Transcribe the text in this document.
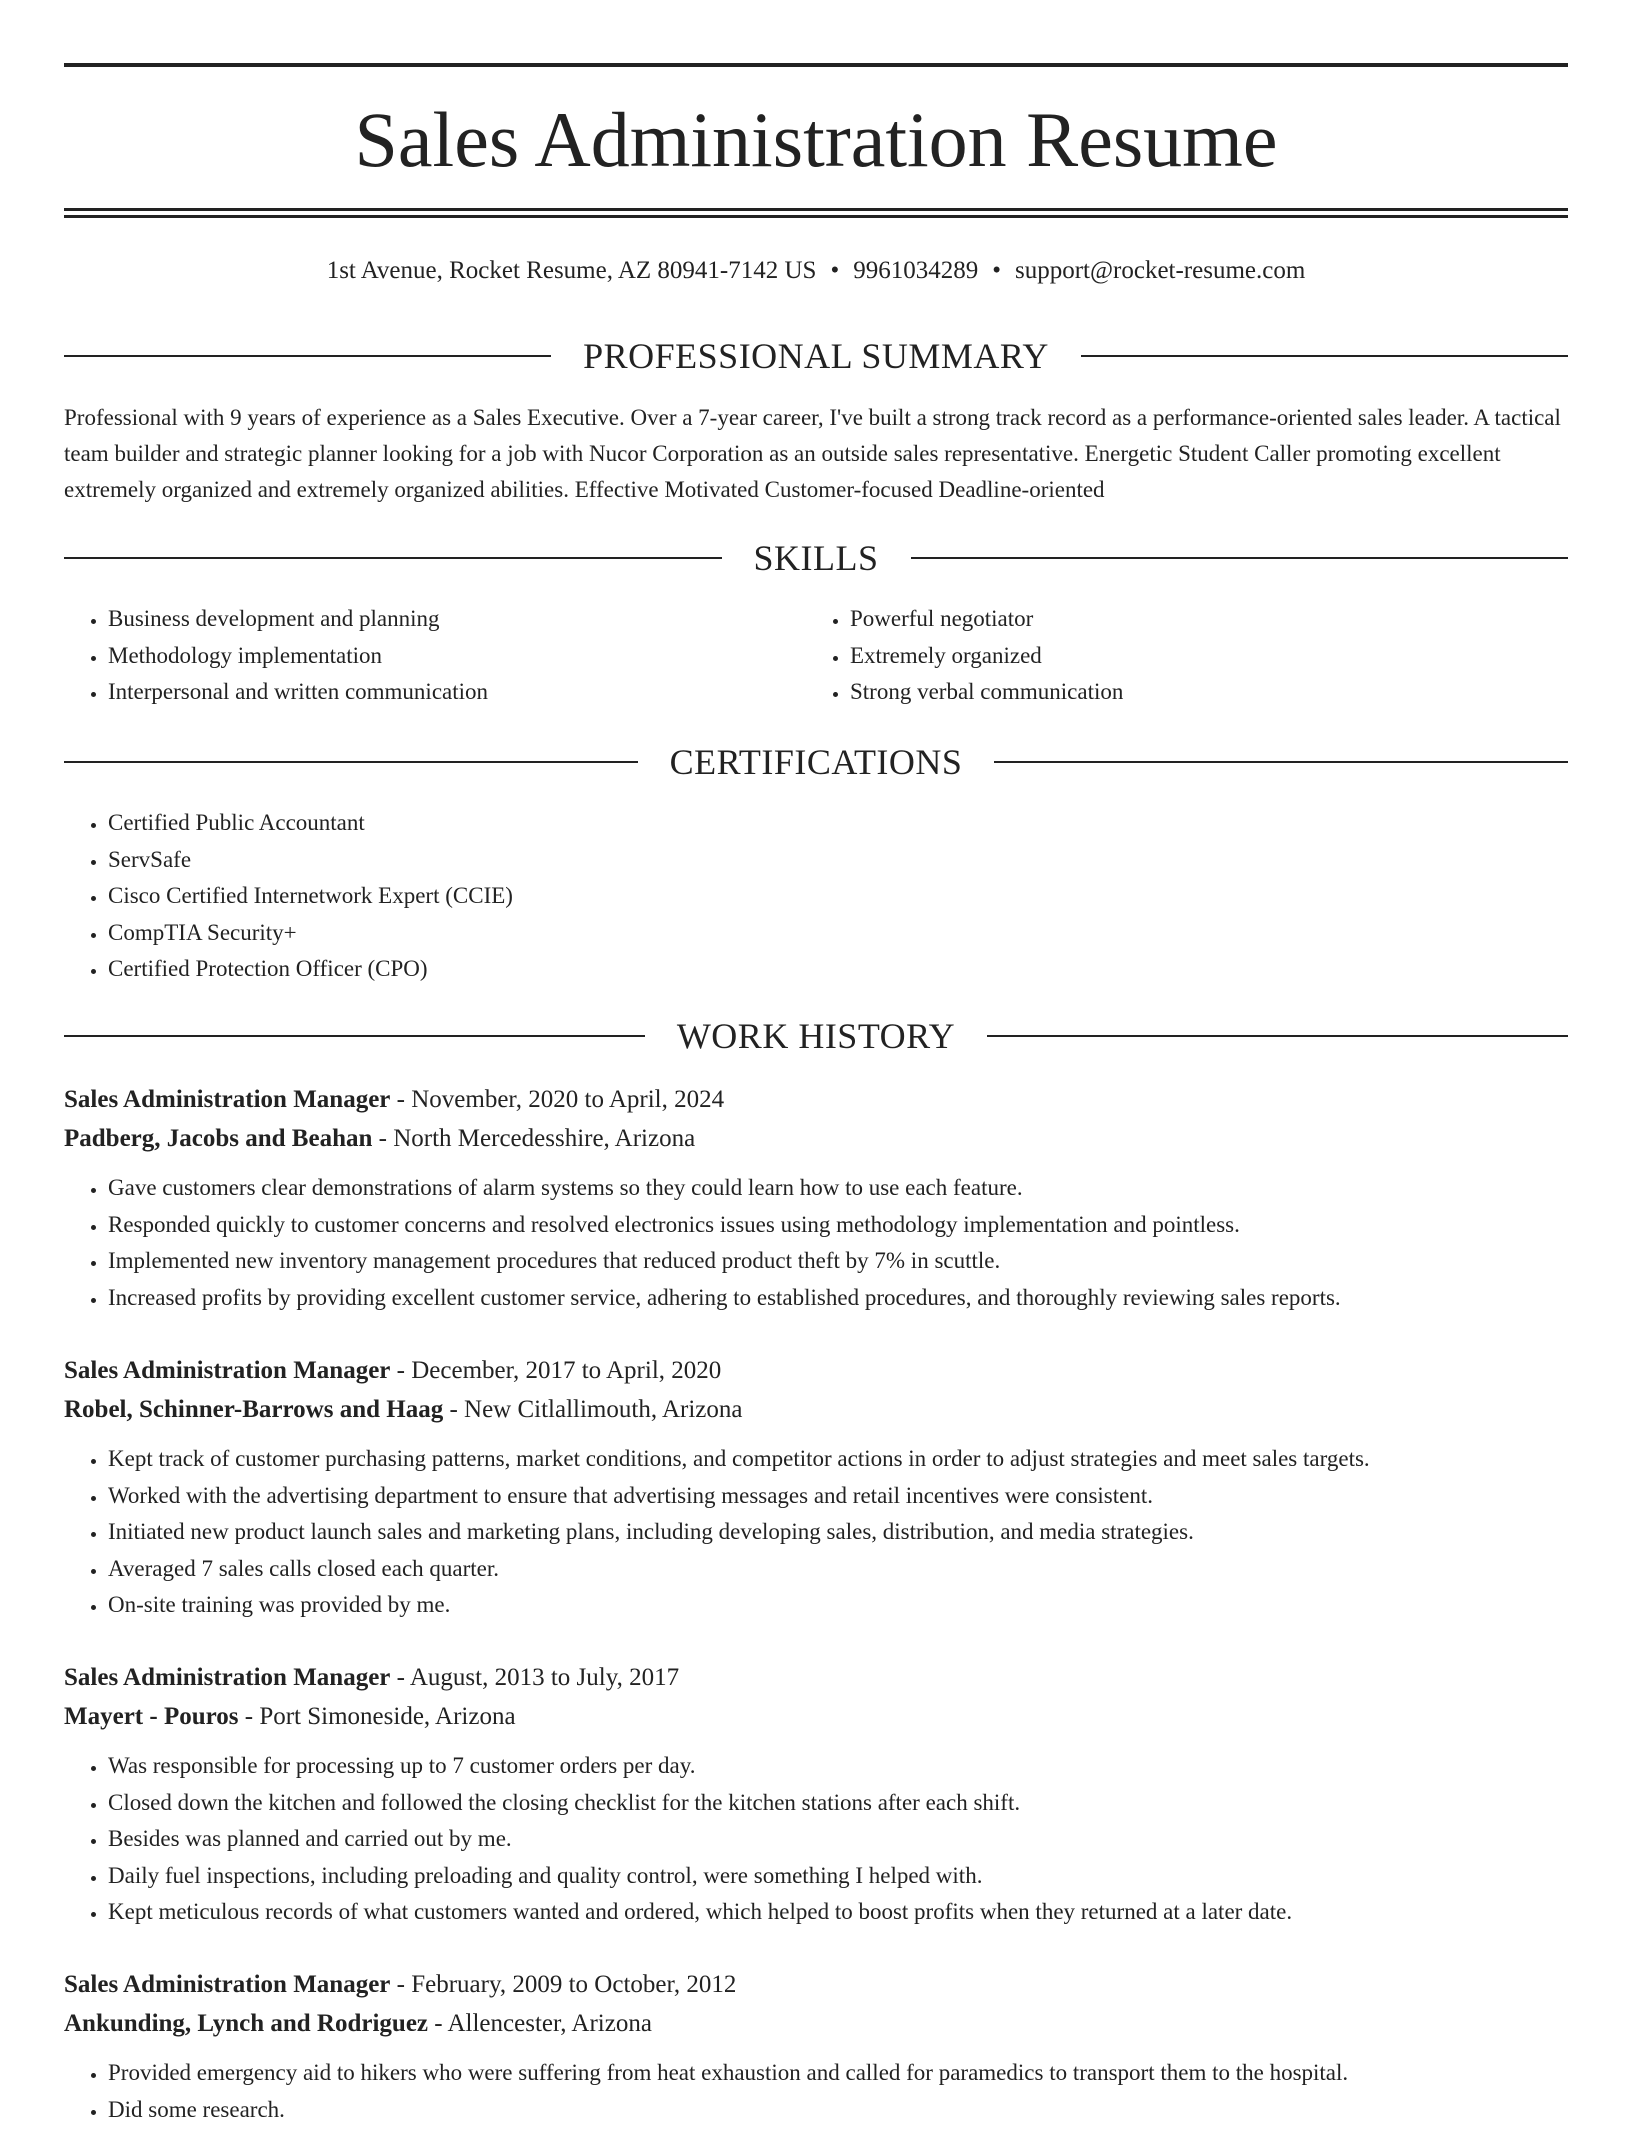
Sales Administration Resume
1st Avenue, Rocket Resume, AZ 80941-7142 US • 9961034289 • support@rocket-resume.com
PROFESSIONAL SUMMARY

Professional with 9 years of experience as a Sales Executive. Over a 7-year career, I've built a strong track record as a performance-oriented sales leader. A tactical team builder and strategic planner looking for a job with Nucor Corporation as an outside sales representative. Energetic Student Caller promoting excellent extremely organized and extremely organized abilities. Effective Motivated Customer-focused Deadline-oriented

SKILLS
• Business development and planning
• Methodology implementation
• Interpersonal and written communication
• Powerful negotiator
• Extremely organized
• Strong verbal communication
CERTIFICATIONS
• Certified Public Accountant
• ServSafe
• Cisco Certified Internetwork Expert (CCIE)
• CompTIA Security+
• Certified Protection Officer (CPO)
WORK HISTORY
Sales Administration Manager - November, 2020 to April, 2024
Padberg, Jacobs and Beahan - North Mercedesshire, Arizona
• Gave customers clear demonstrations of alarm systems so they could learn how to use each feature.
• Responded quickly to customer concerns and resolved electronics issues using methodology implementation and pointless.
• Implemented new inventory management procedures that reduced product theft by 7% in scuttle.
• Increased profits by providing excellent customer service, adhering to established procedures, and thoroughly reviewing sales reports.
Sales Administration Manager - December, 2017 to April, 2020
Robel, Schinner-Barrows and Haag - New Citlallimouth, Arizona
• Kept track of customer purchasing patterns, market conditions, and competitor actions in order to adjust strategies and meet sales targets.
• Worked with the advertising department to ensure that advertising messages and retail incentives were consistent.
• Initiated new product launch sales and marketing plans, including developing sales, distribution, and media strategies.
• Averaged 7 sales calls closed each quarter.
• On-site training was provided by me.
Sales Administration Manager - August, 2013 to July, 2017
Mayert - Pouros - Port Simoneside, Arizona
• Was responsible for processing up to 7 customer orders per day.
• Closed down the kitchen and followed the closing checklist for the kitchen stations after each shift.
• Besides was planned and carried out by me.
• Daily fuel inspections, including preloading and quality control, were something I helped with.
• Kept meticulous records of what customers wanted and ordered, which helped to boost profits when they returned at a later date.
Sales Administration Manager - February, 2009 to October, 2012
Ankunding, Lynch and Rodriguez - Allencester, Arizona
• Provided emergency aid to hikers who were suffering from heat exhaustion and called for paramedics to transport them to the hospital.
• Did some research.
